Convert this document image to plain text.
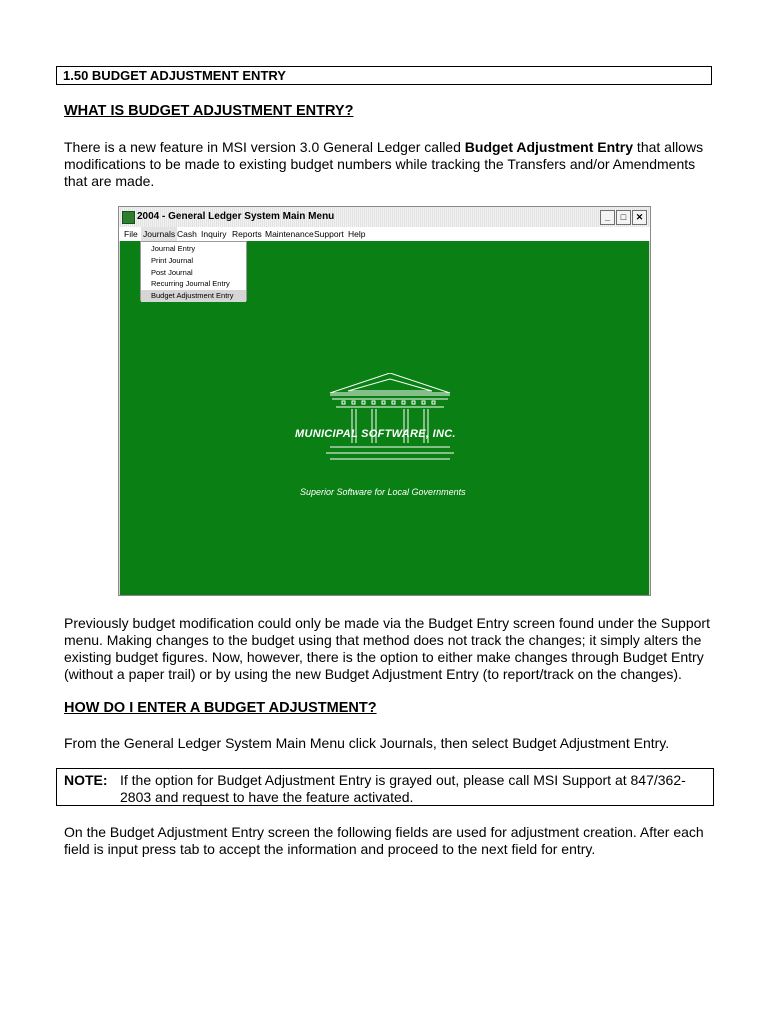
1.50 BUDGET ADJUSTMENT ENTRY
WHAT IS BUDGET ADJUSTMENT ENTRY?
There is a new feature in MSI version 3.0 General Ledger called Budget Adjustment Entry that allows
modifications to be made to existing budget numbers while tracking the Transfers and/or Amendments
that are made.
2004 - General Ledger System Main Menu	_	□	✕
File Journals Cash Inquiry Reports Maintenance Support Help
MUNICIPAL SOFTWARE, INC.
Superior Software for Local Governments
Journal Entry
Print Journal
Post Journal
Recurring Journal Entry
Budget Adjustment Entry
Previously budget modification could only be made via the Budget Entry screen found under the Support
menu. Making changes to the budget using that method does not track the changes; it simply alters the
existing budget figures. Now, however, there is the option to either make changes through Budget Entry
(without a paper trail) or by using the new Budget Adjustment Entry (to report/track on the changes).
HOW DO I ENTER A BUDGET ADJUSTMENT?
From the General Ledger System Main Menu click Journals, then select Budget Adjustment Entry.
NOTE: If the option for Budget Adjustment Entry is grayed out, please call MSI Support at 847/362-
2803 and request to have the feature activated.
On the Budget Adjustment Entry screen the following fields are used for adjustment creation. After each
field is input press tab to accept the information and proceed to the next field for entry.
